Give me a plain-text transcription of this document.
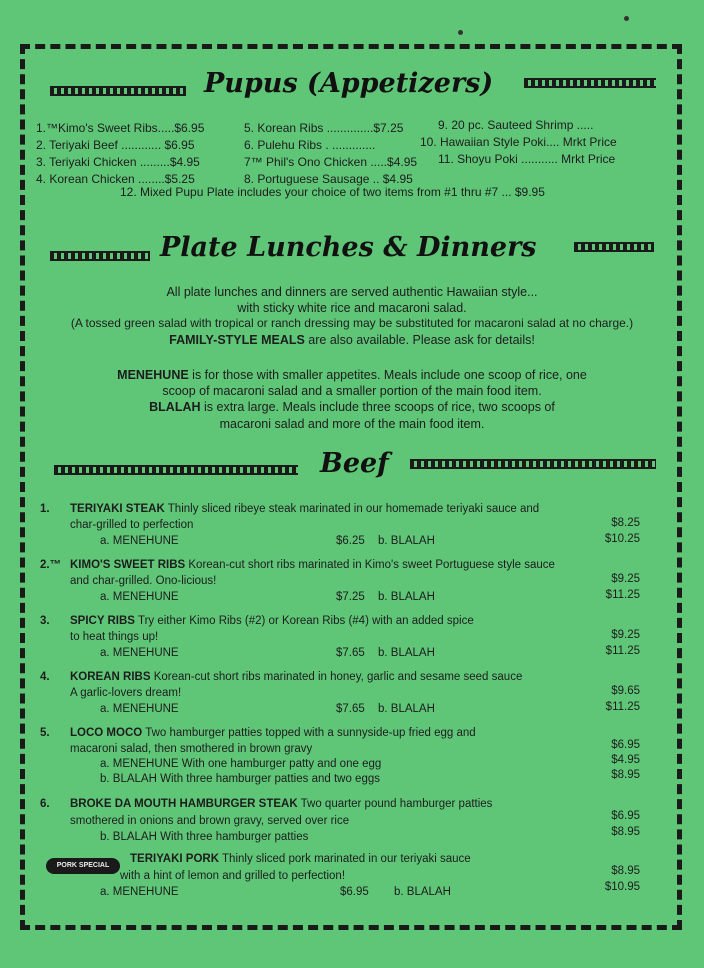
Pupus (Appetizers)
1.™Kimo's Sweet Ribs.....$6.95
2. Teriyaki Beef ............ $6.95
3. Teriyaki Chicken .........$4.95
4. Korean Chicken ........$5.25
5. Korean Ribs ..............$7.25
6. Pulehu Ribs . .............
7™ Phil's Ono Chicken .....$4.95
8. Portuguese Sausage .. $4.95
9. 20 pc. Sauteed Shrimp .....
10. Hawaiian Style Poki.... Mrkt Price
11. Shoyu Poki ........... Mrkt Price
12. Mixed Pupu Plate includes your choice of two items from #1 thru #7 ... $9.95
Plate Lunches & Dinners
All plate lunches and dinners are served authentic Hawaiian style...
with sticky white rice and macaroni salad.
(A tossed green salad with tropical or ranch dressing may be substituted for macaroni salad at no charge.)
FAMILY-STYLE MEALS are also available. Please ask for details!
MENEHUNE is for those with smaller appetites. Meals include one scoop of rice, one
scoop of macaroni salad and a smaller portion of the main food item.
BLALAH is extra large. Meals include three scoops of rice, two scoops of
macaroni salad and more of the main food item.
Beef
1. TERIYAKI STEAK Thinly sliced ribeye steak marinated in our homemade teriyaki sauce and
char-grilled to perfection	$8.25
a. MENEHUNE	$6.25 b. BLALAH	$10.25
2.™ KIMO'S SWEET RIBS Korean-cut short ribs marinated in Kimo's sweet Portuguese style sauce
and char-grilled. Ono-licious!	$9.25
a. MENEHUNE	$7.25 b. BLALAH	$11.25
3. SPICY RIBS Try either Kimo Ribs (#2) or Korean Ribs (#4) with an added spice
to heat things up!	$9.25
a. MENEHUNE	$7.65 b. BLALAH	$11.25
4. KOREAN RIBS Korean-cut short ribs marinated in honey, garlic and sesame seed sauce
A garlic-lovers dream!	$9.65
a. MENEHUNE	$7.65 b. BLALAH	$11.25
5. LOCO MOCO Two hamburger patties topped with a sunnyside-up fried egg and
macaroni salad, then smothered in brown gravy	$6.95
a. MENEHUNE With one hamburger patty and one egg	$4.95
b. BLALAH With three hamburger patties and two eggs	$8.95
6. BROKE DA MOUTH HAMBURGER STEAK Two quarter pound hamburger patties
smothered in onions and brown gravy, served over rice	$6.95
b. BLALAH With three hamburger patties	$8.95
PORK SPECIAL
TERIYAKI PORK Thinly sliced pork marinated in our teriyaki sauce
with a hint of lemon and grilled to perfection!	$8.95
a. MENEHUNE	$6.95 b. BLALAH	$10.95
